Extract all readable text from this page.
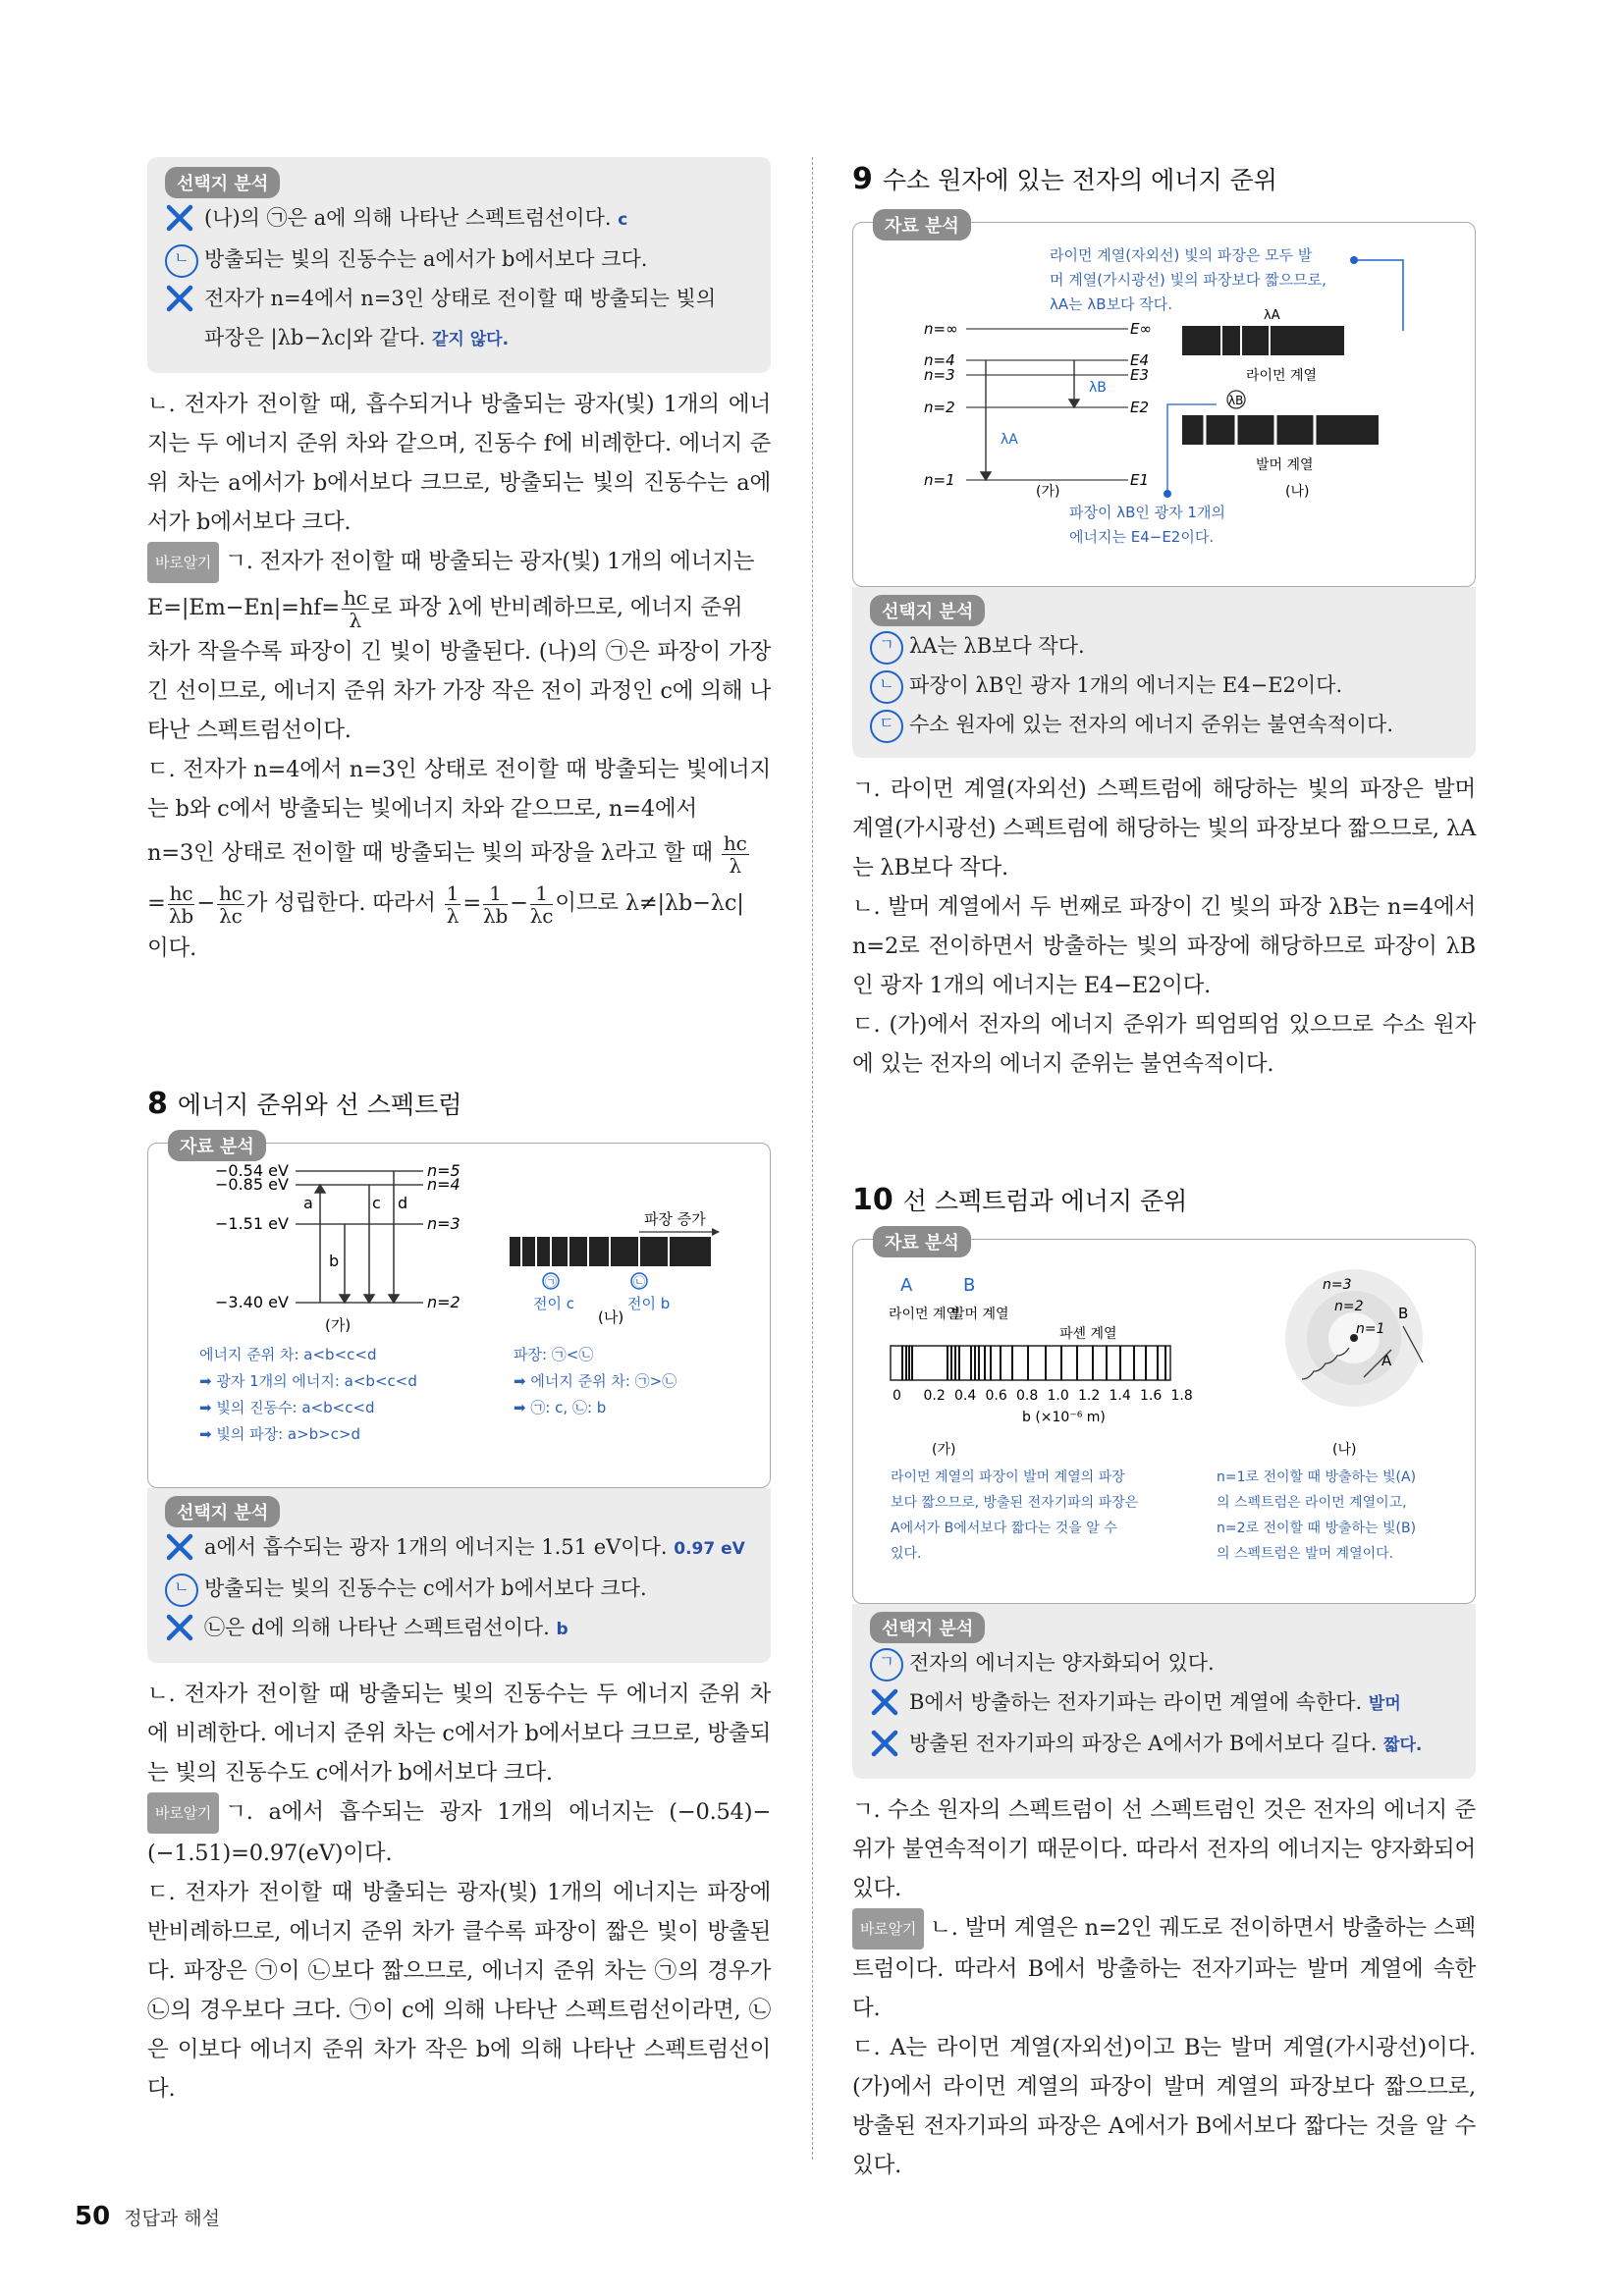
선택지 분석
(나)의 ㉠은 a에 의해 나타난 스펙트럼선이다. c
ㄴ 방출되는 빛의 진동수는 a에서가 b에서보다 크다.
전자가 n=4에서 n=3인 상태로 전이할 때 방출되는 빛의
파장은 |λb−λc|와 같다. 같지 않다.

ㄴ. 전자가 전이할 때, 흡수되거나 방출되는 광자(빛) 1개의 에너지는 두 에너지 준위 차와 같으며, 진동수 f에 비례한다. 에너지 준위 차는 a에서가 b에서보다 크므로, 방출되는 빛의 진동수는 a에서가 b에서보다 크다.

바로알기 ㄱ. 전자가 전이할 때 방출되는 광자(빛) 1개의 에너지는

$E=|Em-En|=hf= \frac{hc}{\lambda}$ 로 파장 λ에 반비례하므로, 에너지 준위

차가 작을수록 파장이 긴 빛이 방출된다. (나)의 ㉠은 파장이 가장 긴 선이므로, 에너지 준위 차가 가장 작은 전이 과정인 c에 의해 나타난 스펙트럼선이다.

ㄷ. 전자가 n=4에서 n=3인 상태로 전이할 때 방출되는 빛에너지는 b와 c에서 방출되는 빛에너지 차와 같으므로, n=4에서

n=3인 상태로 전이할 때 방출되는 빛의 파장을 λ라고 할 때 $\frac{hc}{\lambda}$

= $\frac{hc}{\lambda b} - \frac{hc}{\lambda c}$ 가 성립한다. 따라서 $\frac{1}{\lambda} = \frac{1}{\lambda b} - \frac{1}{\lambda c}$ 이므로 λ≠|λb−λc|

이다.

8 에너지 준위와 선 스펙트럼
자료 분석
−0.54 eV
−0.85 eV
−1.51 eV
−3.40 eV
n=5
n=4
n=3
n=2
a	c d
b
파장 증가
㉠	㉡
전이 c	전이 b
(가)	(나)
에너지 준위 차: a<b<c<d
➡ 광자 1개의 에너지: a<b<c<d
➡ 빛의 진동수: a<b<c<d
➡ 빛의 파장: a>b>c>d
파장: ㉠<㉡
➡ 에너지 준위 차: ㉠>㉡
➡ ㉠: c, ㉡: b
선택지 분석
a에서 흡수되는 광자 1개의 에너지는 1.51 eV이다. 0.97 eV
ㄴ 방출되는 빛의 진동수는 c에서가 b에서보다 크다.
㉡은 d에 의해 나타난 스펙트럼선이다. b

ㄴ. 전자가 전이할 때 방출되는 빛의 진동수는 두 에너지 준위 차에 비례한다. 에너지 준위 차는 c에서가 b에서보다 크므로, 방출되는 빛의 진동수도 c에서가 b에서보다 크다.

바로알기 ㄱ. a에서 흡수되는 광자 1개의 에너지는 (−0.54)−(−1.51)=0.97(eV)이다.

ㄷ. 전자가 전이할 때 방출되는 광자(빛) 1개의 에너지는 파장에 반비례하므로, 에너지 준위 차가 클수록 파장이 짧은 빛이 방출된다. 파장은 ㉠이 ㉡보다 짧으므로, 에너지 준위 차는 ㉠의 경우가 ㉡의 경우보다 크다. ㉠이 c에 의해 나타난 스펙트럼선이라면, ㉡은 이보다 에너지 준위 차가 작은 b에 의해 나타난 스펙트럼선이다.

9 수소 원자에 있는 전자의 에너지 준위
자료 분석
라이먼 계열(자외선) 빛의 파장은 모두 발
머 계열(가시광선) 빛의 파장보다 짧으므로,
λA는 λB보다 작다.
n=∞
n=4
n=3
n=2
n=1
E∞
E4
E3
E2
E1
λA
λB
λA
라이먼 계열
λB
발머 계열
(가)	(나)
파장이 λB인 광자 1개의
에너지는 E4−E2이다.
선택지 분석
ㄱ λA는 λB보다 작다.
ㄴ 파장이 λB인 광자 1개의 에너지는 E4−E2이다.
ㄷ 수소 원자에 있는 전자의 에너지 준위는 불연속적이다.

ㄱ. 라이먼 계열(자외선) 스펙트럼에 해당하는 빛의 파장은 발머 계열(가시광선) 스펙트럼에 해당하는 빛의 파장보다 짧으므로, λA는 λB보다 작다.

ㄴ. 발머 계열에서 두 번째로 파장이 긴 빛의 파장 λB는 n=4에서 n=2로 전이하면서 방출하는 빛의 파장에 해당하므로 파장이 λB인 광자 1개의 에너지는 E4−E2이다.

ㄷ. (가)에서 전자의 에너지 준위가 띄엄띄엄 있으므로 수소 원자에 있는 전자의 에너지 준위는 불연속적이다.

10 선 스펙트럼과 에너지 준위
자료 분석
A	B
라이먼 계열
발머 계열
파셴 계열
0 0.2 0.4 0.6 0.8 1.0 1.2 1.4 1.6 1.8
b (×10⁻⁶ m)
n=3
n=2
n=1
B
A
(가)	(나)
라이먼 계열의 파장이 발머 계열의 파장
보다 짧으므로, 방출된 전자기파의 파장은
A에서가 B에서보다 짧다는 것을 알 수
있다.
n=1로 전이할 때 방출하는 빛(A)
의 스펙트럼은 라이먼 계열이고,
n=2로 전이할 때 방출하는 빛(B)
의 스펙트럼은 발머 계열이다.
선택지 분석
ㄱ 전자의 에너지는 양자화되어 있다.
B에서 방출하는 전자기파는 라이먼 계열에 속한다. 발머
방출된 전자기파의 파장은 A에서가 B에서보다 길다. 짧다.

ㄱ. 수소 원자의 스펙트럼이 선 스펙트럼인 것은 전자의 에너지 준위가 불연속적이기 때문이다. 따라서 전자의 에너지는 양자화되어 있다.

바로알기 ㄴ. 발머 계열은 n=2인 궤도로 전이하면서 방출하는 스펙트럼이다. 따라서 B에서 방출하는 전자기파는 발머 계열에 속한다.

ㄷ. A는 라이먼 계열(자외선)이고 B는 발머 계열(가시광선)이다. (가)에서 라이먼 계열의 파장이 발머 계열의 파장보다 짧으므로, 방출된 전자기파의 파장은 A에서가 B에서보다 짧다는 것을 알 수 있다.

50 정답과 해설
